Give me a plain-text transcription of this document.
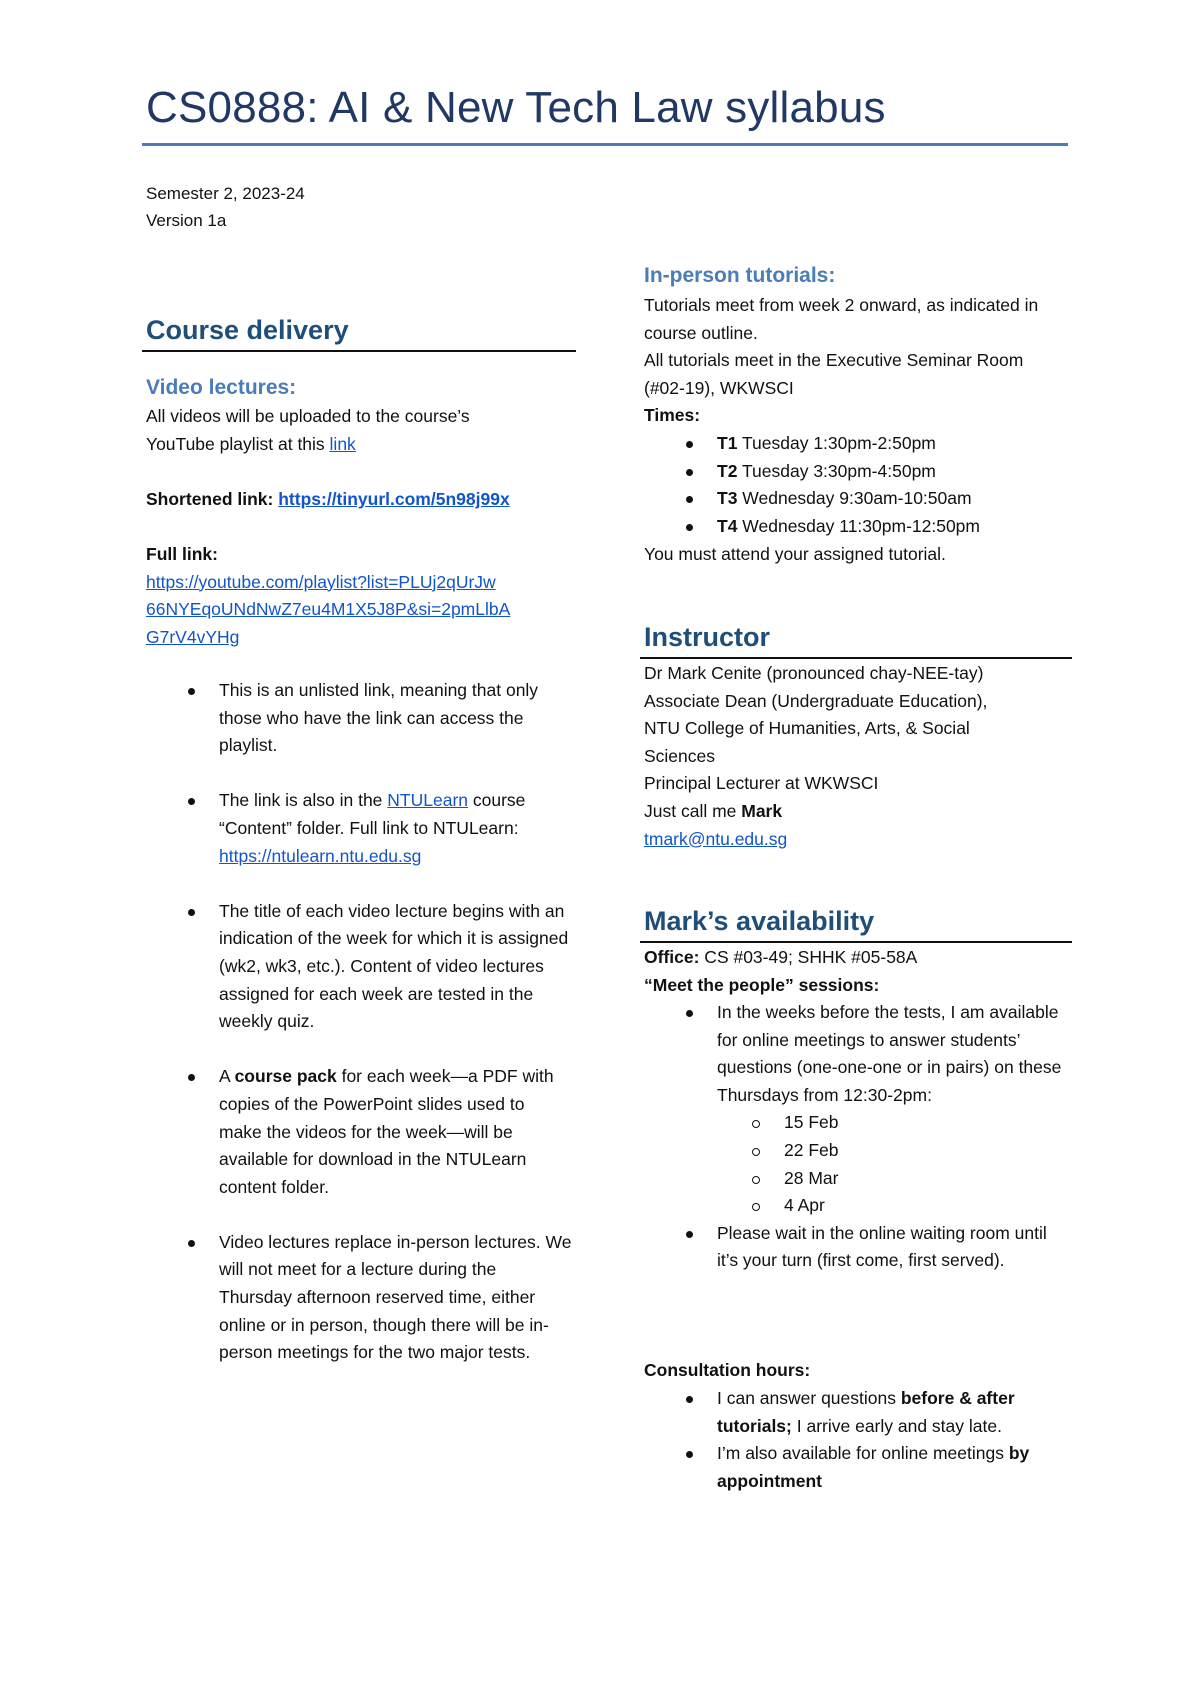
CS0888: AI & New Tech Law syllabus
Semester 2, 2023-24
Version 1a
Course delivery
Video lectures:
All videos will be uploaded to the course’s
YouTube playlist at this link
Shortened link: https://tinyurl.com/5n98j99x
Full link:
https://youtube.com/playlist?list=PLUj2qUrJw
66NYEqoUNdNwZ7eu4M1X5J8P&si=2pmLlbA
G7rV4vYHg
This is an unlisted link, meaning that only those who have the link can access the playlist.
The link is also in the NTULearn course “Content” folder. Full link to NTULearn:
https://ntulearn.ntu.edu.sg
The title of each video lecture begins with an indication of the week for which it is assigned (wk2, wk3, etc.). Content of video lectures assigned for each week are tested in the weekly quiz.
A course pack for each week—a PDF with copies of the PowerPoint slides used to make the videos for the week—will be available for download in the NTULearn content folder.
Video lectures replace in-person lectures. We will not meet for a lecture during the Thursday afternoon reserved time, either online or in person, though there will be in-person meetings for the two major tests.
In-person tutorials:
Tutorials meet from week 2 onward, as indicated in course outline.
All tutorials meet in the Executive Seminar Room (#02-19), WKWSCI
Times:
T1 Tuesday 1:30pm-2:50pm
T2 Tuesday 3:30pm-4:50pm
T3 Wednesday 9:30am-10:50am
T4 Wednesday 11:30pm-12:50pm
You must attend your assigned tutorial.
Instructor
Dr Mark Cenite (pronounced chay-NEE-tay)
Associate Dean (Undergraduate Education),
NTU College of Humanities, Arts, & Social
Sciences
Principal Lecturer at WKWSCI
Just call me Mark
tmark@ntu.edu.sg
Mark’s availability
Office: CS #03-49; SHHK #05-58A
“Meet the people” sessions:
In the weeks before the tests, I am available for online meetings to answer students’ questions (one-one-one or in pairs) on these Thursdays from 12:30-2pm:
15 Feb
22 Feb
28 Mar
4 Apr
Please wait in the online waiting room until it’s your turn (first come, first served).
Consultation hours:
I can answer questions before & after tutorials; I arrive early and stay late.
I’m also available for online meetings by appointment
